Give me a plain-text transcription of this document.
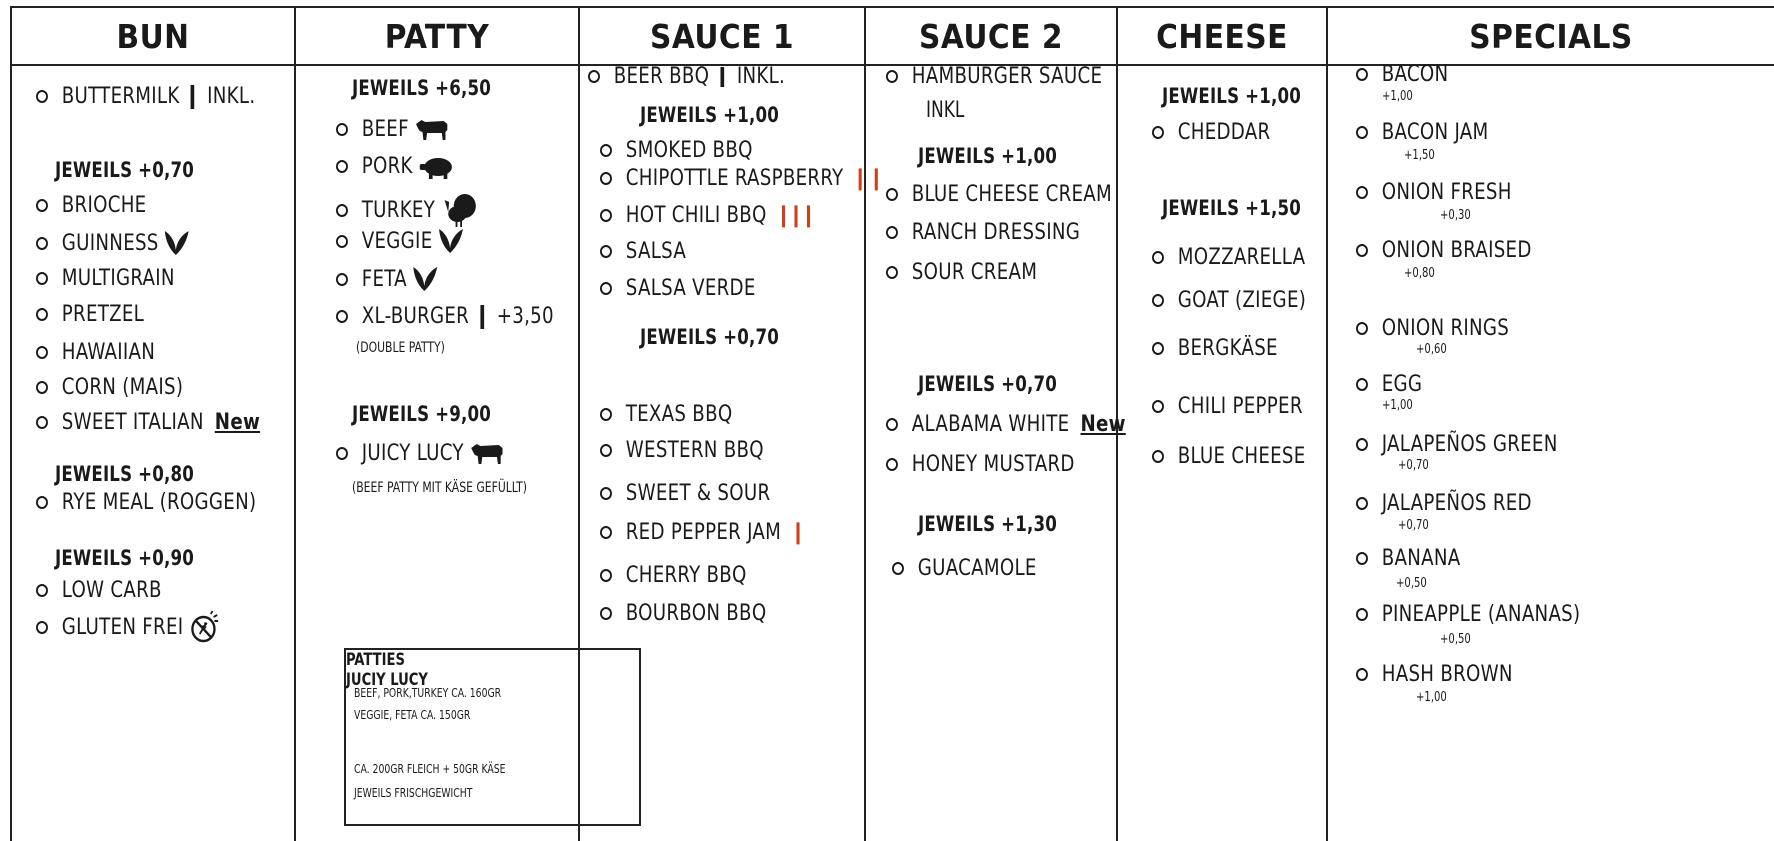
BUN	PATTY	SAUCE 1	SAUCE 2	CHEESE	SPECIALS
BUTTERMILK INKL.
JEWEILS +0,70
BRIOCHE
GUINNESS
MULTIGRAIN
PRETZEL
HAWAIIAN
CORN (MAIS)
SWEET ITALIAN New
JEWEILS +0,80
RYE MEAL (ROGGEN)
JEWEILS +0,90
LOW CARB
GLUTEN FREI
JEWEILS +6,50
BEEF
PORK
TURKEY
VEGGIE
FETA
XL-BURGER +3,50
(DOUBLE PATTY)
JEWEILS +9,00
JUICY LUCY
(BEEF PATTY MIT KÄSE GEFÜLLT)
PATTIES
BEEF, PORK,TURKEY CA. 160GR
VEGGIE, FETA CA. 150GR
JUCIY LUCY
CA. 200GR FLEICH + 50GR KÄSE
JEWEILS FRISCHGEWICHT
BEER BBQ INKL.
JEWEILS +1,00
SMOKED BBQ
CHIPOTTLE RASPBERRY ❙ ❙
HOT CHILI BBQ ❙❙❙
SALSA
SALSA VERDE
JEWEILS +0,70
TEXAS BBQ
WESTERN BBQ
SWEET & SOUR
RED PEPPER JAM ❙
CHERRY BBQ
BOURBON BBQ
HAMBURGER SAUCE
INKL
JEWEILS +1,00
BLUE CHEESE CREAM
RANCH DRESSING
SOUR CREAM
JEWEILS +0,70
ALABAMA WHITE New
HONEY MUSTARD
JEWEILS +1,30
GUACAMOLE
JEWEILS +1,00
CHEDDAR
JEWEILS +1,50
MOZZARELLA
GOAT (ZIEGE)
BERGKÄSE
CHILI PEPPER
BLUE CHEESE
BACON
+1,00
BACON JAM
+1,50
ONION FRESH
+0,30
ONION BRAISED
+0,80
ONION RINGS
+0,60
EGG
+1,00
JALAPEÑOS GREEN
+0,70
JALAPEÑOS RED
+0,70
BANANA
+0,50
PINEAPPLE (ANANAS)
+0,50
HASH BROWN
+1,00
